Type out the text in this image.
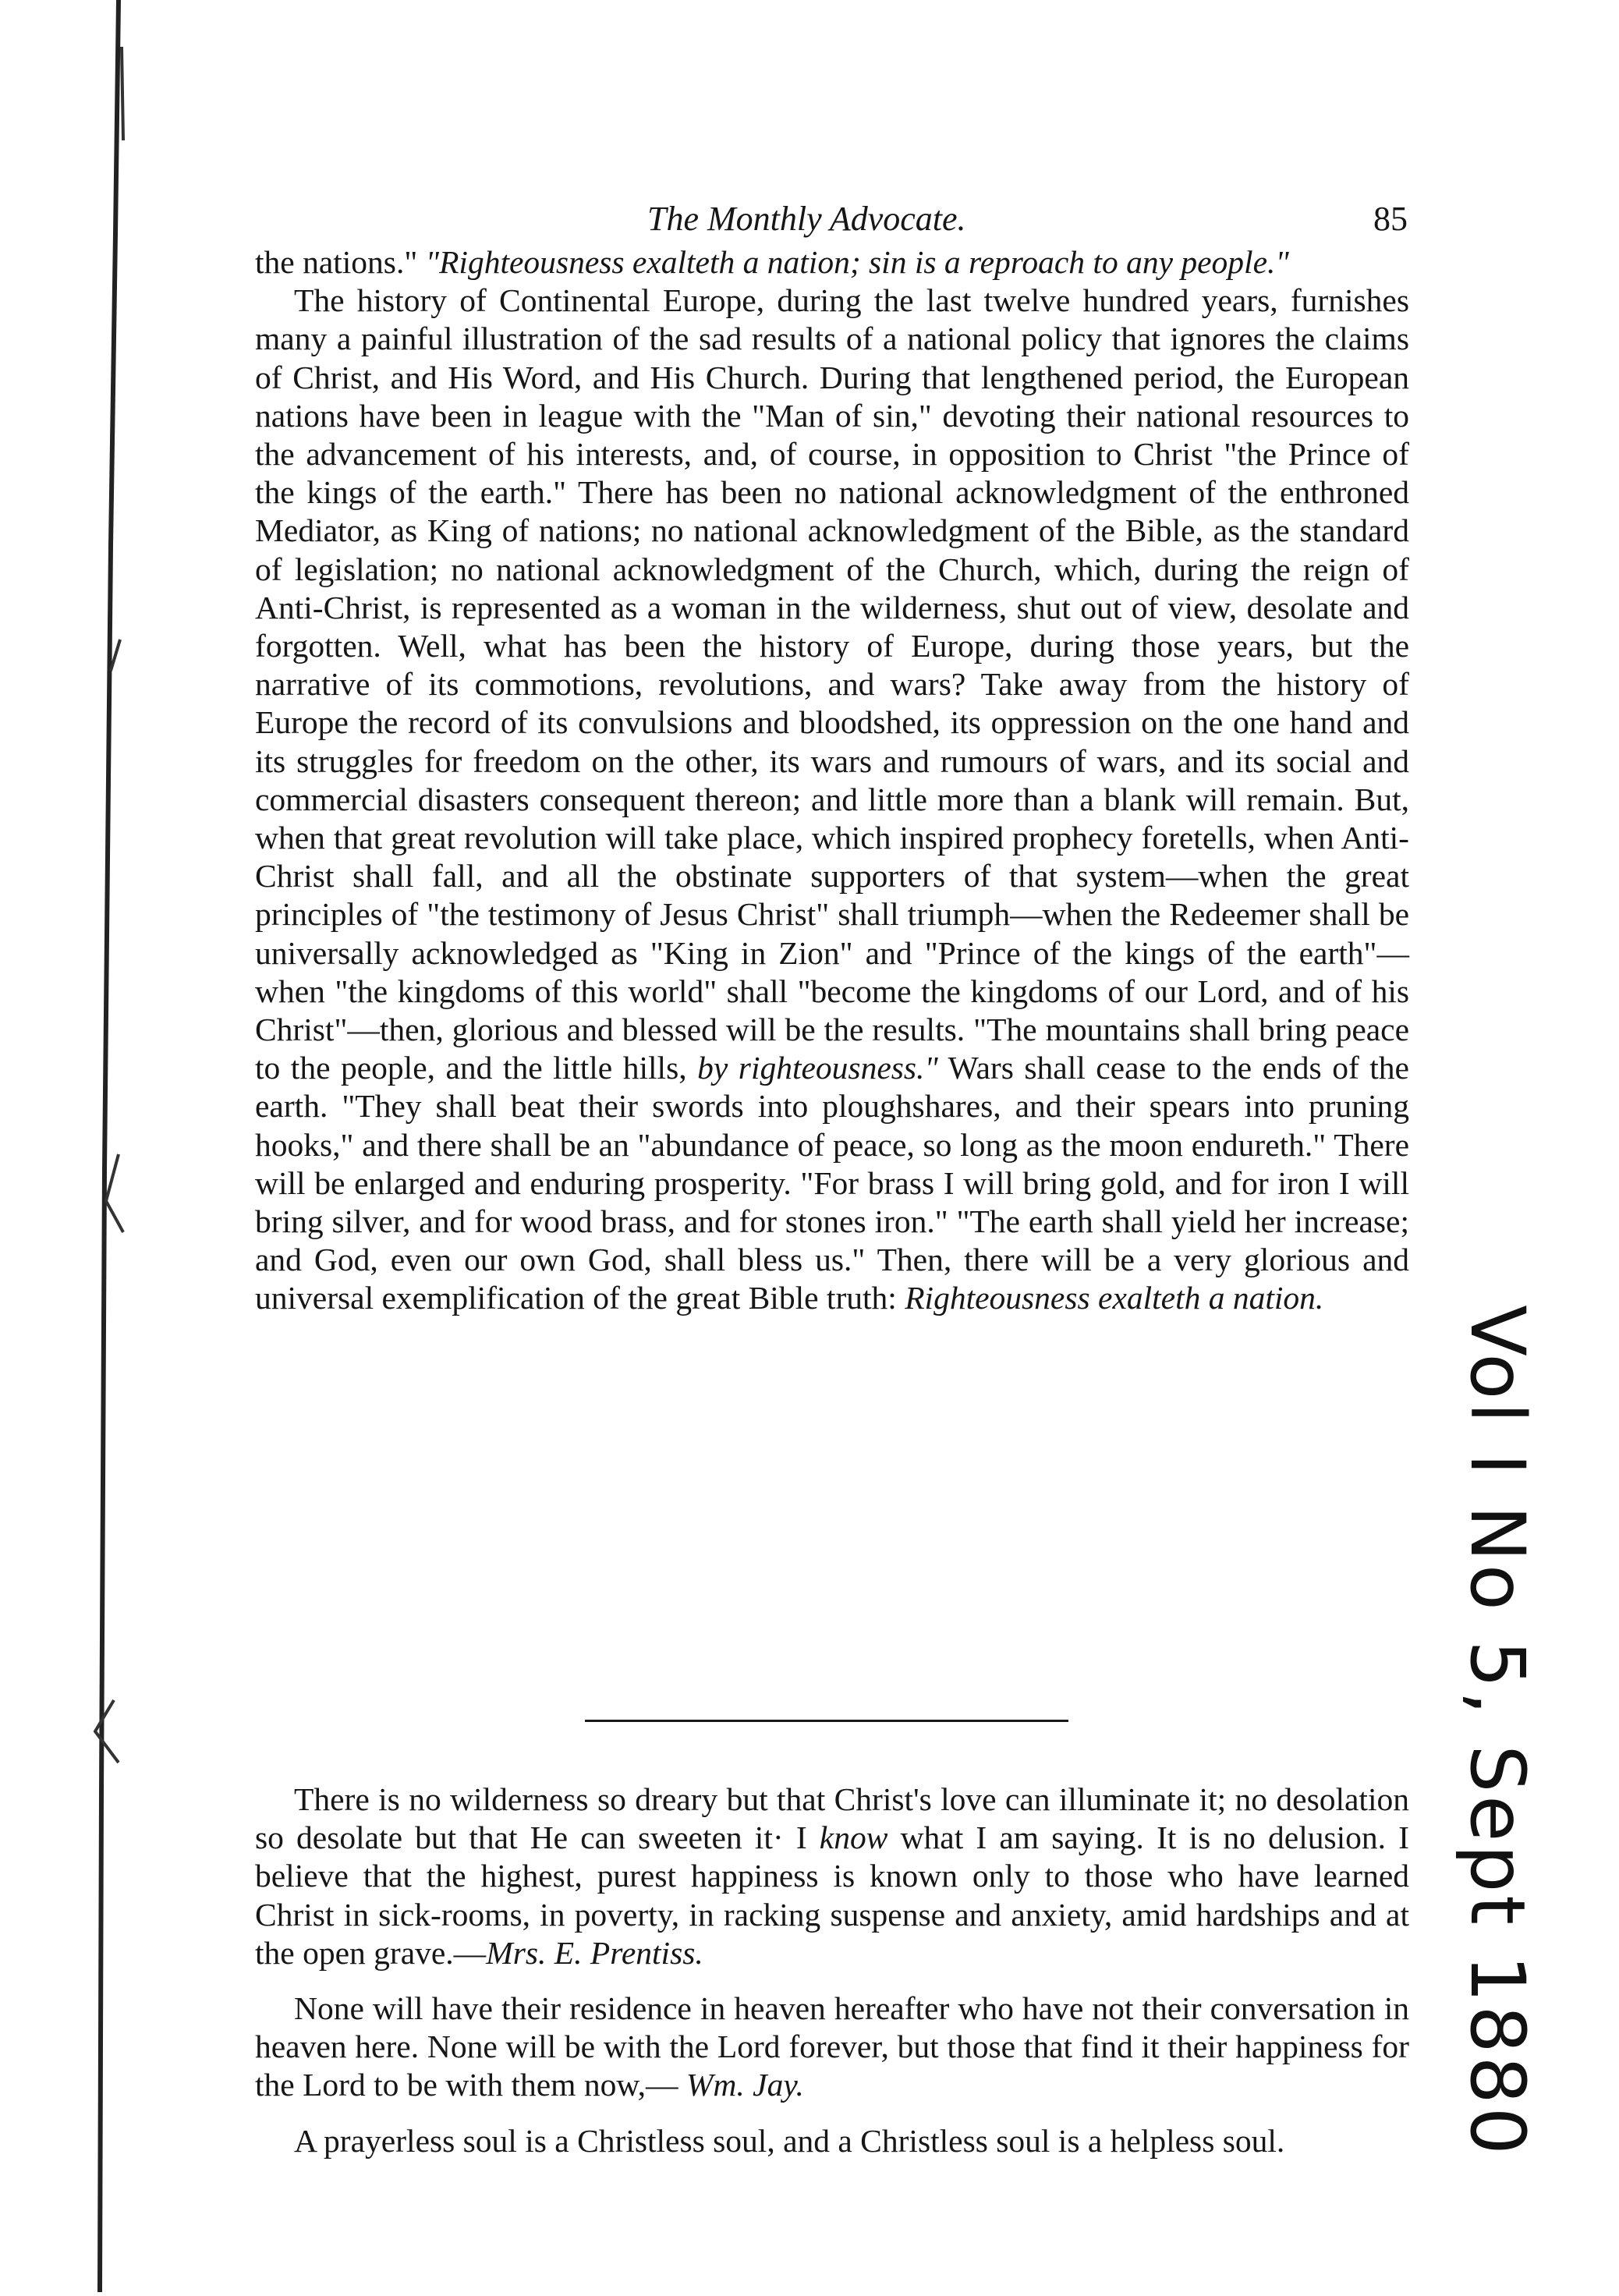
The Monthly Advocate.	85

the nations." "Righteousness exalteth a nation; sin is a reproach to any people."

The history of Continental Europe, during the last twelve hundred years, furnishes many a painful illustration of the sad results of a national policy that ignores the claims of Christ, and His Word, and His Church. During that lengthened period, the European nations have been in league with the "Man of sin," devoting their national resources to the advancement of his interests, and, of course, in opposition to Christ "the Prince of the kings of the earth." There has been no national acknowledgment of the enthroned Mediator, as King of nations; no national acknowledgment of the Bible, as the standard of legislation; no national acknowledgment of the Church, which, during the reign of Anti-Christ, is represented as a woman in the wilderness, shut out of view, desolate and forgotten. Well, what has been the history of Europe, during those years, but the narrative of its commotions, revolutions, and wars? Take away from the history of Europe the record of its convulsions and bloodshed, its oppression on the one hand and its struggles for freedom on the other, its wars and rumours of wars, and its social and commercial disasters consequent thereon; and little more than a blank will remain. But, when that great revolution will take place, which inspired prophecy foretells, when Anti-Christ shall fall, and all the obstinate supporters of that system—when the great principles of "the testimony of Jesus Christ" shall triumph—when the Redeemer shall be universally acknowledged as "King in Zion" and "Prince of the kings of the earth"—when "the kingdoms of this world" shall "become the kingdoms of our Lord, and of his Christ"—then, glorious and blessed will be the results. "The mountains shall bring peace to the people, and the little hills, by righteousness." Wars shall cease to the ends of the earth. "They shall beat their swords into ploughshares, and their spears into pruning hooks," and there shall be an "abundance of peace, so long as the moon endureth." There will be enlarged and enduring prosperity. "For brass I will bring gold, and for iron I will bring silver, and for wood brass, and for stones iron." "The earth shall yield her increase; and God, even our own God, shall bless us." Then, there will be a very glorious and universal exemplification of the great Bible truth: Righteousness exalteth a nation.

There is no wilderness so dreary but that Christ's love can illuminate it; no desolation so desolate but that He can sweeten it· I know what I am saying. It is no delusion. I believe that the highest, purest happiness is known only to those who have learned Christ in sick-rooms, in poverty, in racking suspense and anxiety, amid hardships and at the open grave.—Mrs. E. Prentiss.

None will have their residence in heaven hereafter who have not their conversation in heaven here. None will be with the Lord forever, but those that find it their happiness for the Lord to be with them now,— Wm. Jay.

A prayerless soul is a Christless soul, and a Christless soul is a helpless soul.	Vol I No 5, Sept 1880
